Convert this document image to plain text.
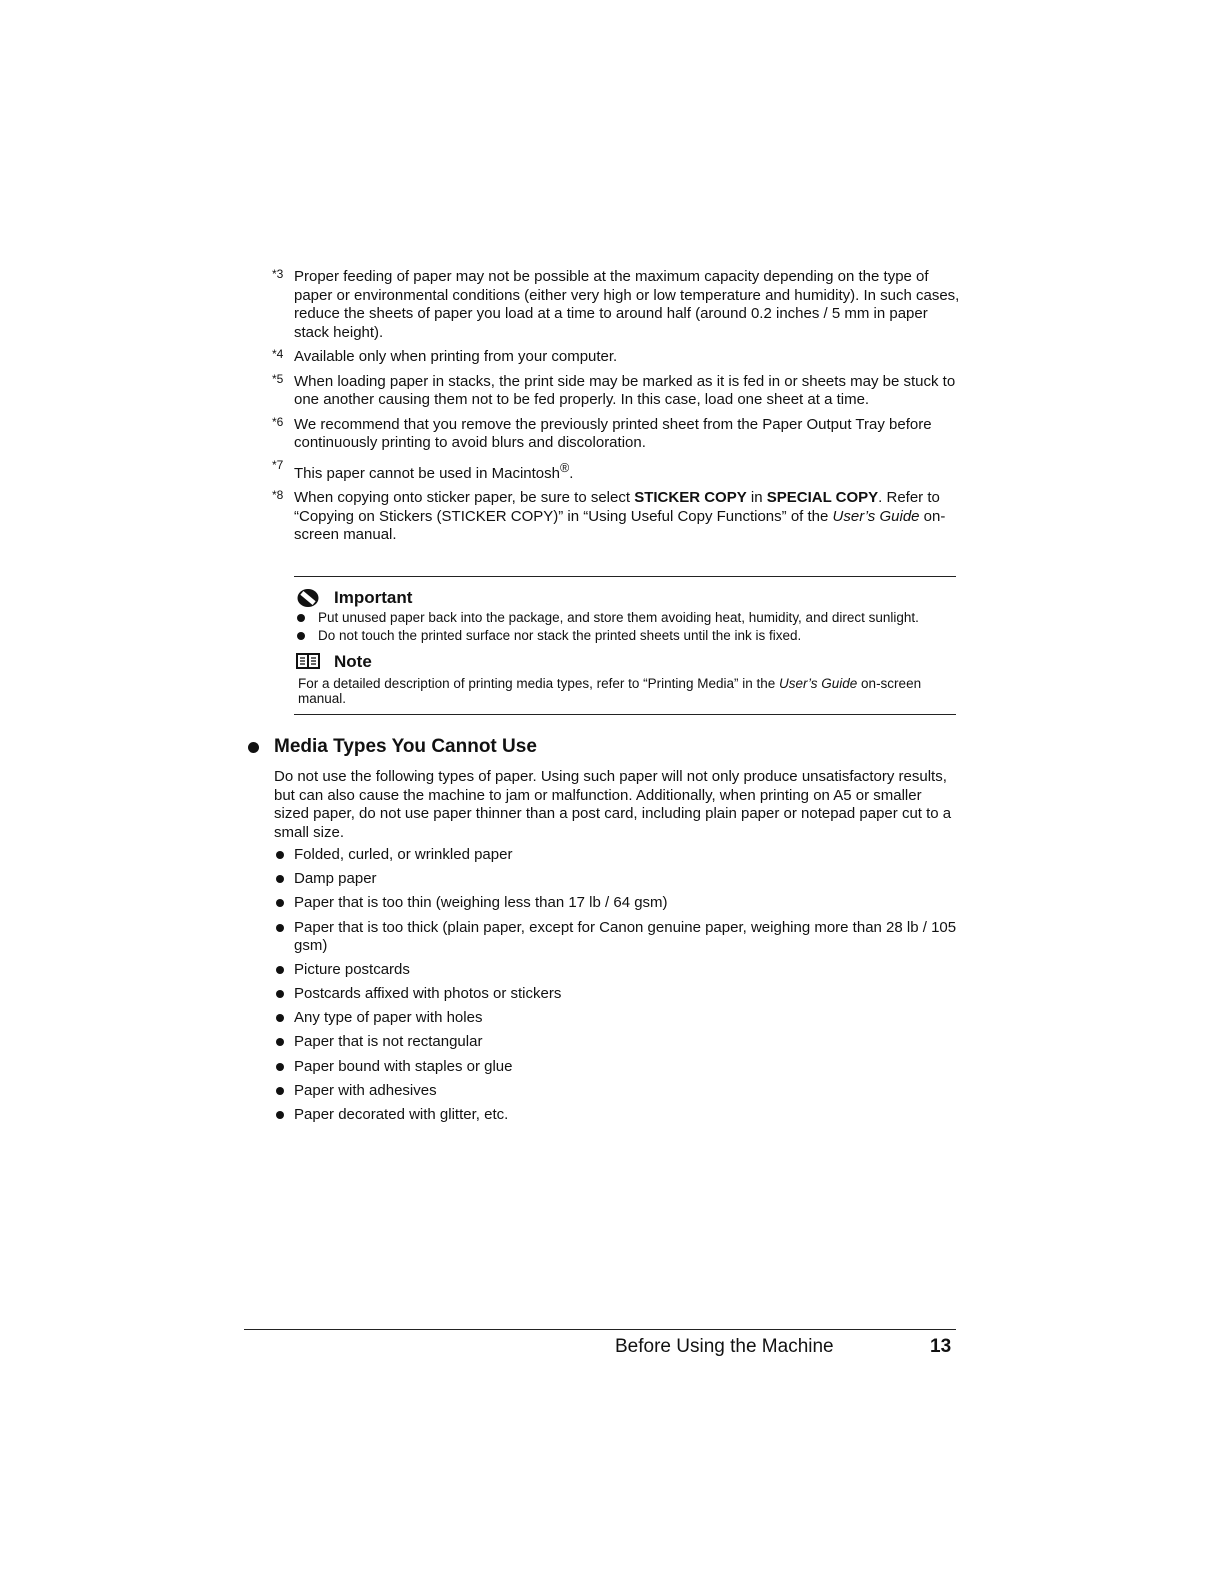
*3 Proper feeding of paper may not be possible at the maximum capacity depending on the type of paper or environmental conditions (either very high or low temperature and humidity). In such cases, reduce the sheets of paper you load at a time to around half (around 0.2 inches / 5 mm in paper stack height).
*4 Available only when printing from your computer.
*5 When loading paper in stacks, the print side may be marked as it is fed in or sheets may be stuck to one another causing them not to be fed properly. In this case, load one sheet at a time.
*6 We recommend that you remove the previously printed sheet from the Paper Output Tray before continuously printing to avoid blurs and discoloration.
*7 This paper cannot be used in Macintosh®.
*8 When copying onto sticker paper, be sure to select STICKER COPY in SPECIAL COPY. Refer to “Copying on Stickers (STICKER COPY)” in “Using Useful Copy Functions” of the User’s Guide on-screen manual.
Important
Put unused paper back into the package, and store them avoiding heat, humidity, and direct sunlight.
Do not touch the printed surface nor stack the printed sheets until the ink is fixed.
Note
For a detailed description of printing media types, refer to “Printing Media” in the User’s Guide on-screen manual.
Media Types You Cannot Use

Do not use the following types of paper. Using such paper will not only produce unsatisfactory results, but can also cause the machine to jam or malfunction. Additionally, when printing on A5 or smaller sized paper, do not use paper thinner than a post card, including plain paper or notepad paper cut to a small size.

Folded, curled, or wrinkled paper
Damp paper
Paper that is too thin (weighing less than 17 lb / 64 gsm)
Paper that is too thick (plain paper, except for Canon genuine paper, weighing more than 28 lb / 105 gsm)
Picture postcards
Postcards affixed with photos or stickers
Any type of paper with holes
Paper that is not rectangular
Paper bound with staples or glue
Paper with adhesives
Paper decorated with glitter, etc.
Before Using the Machine	13
